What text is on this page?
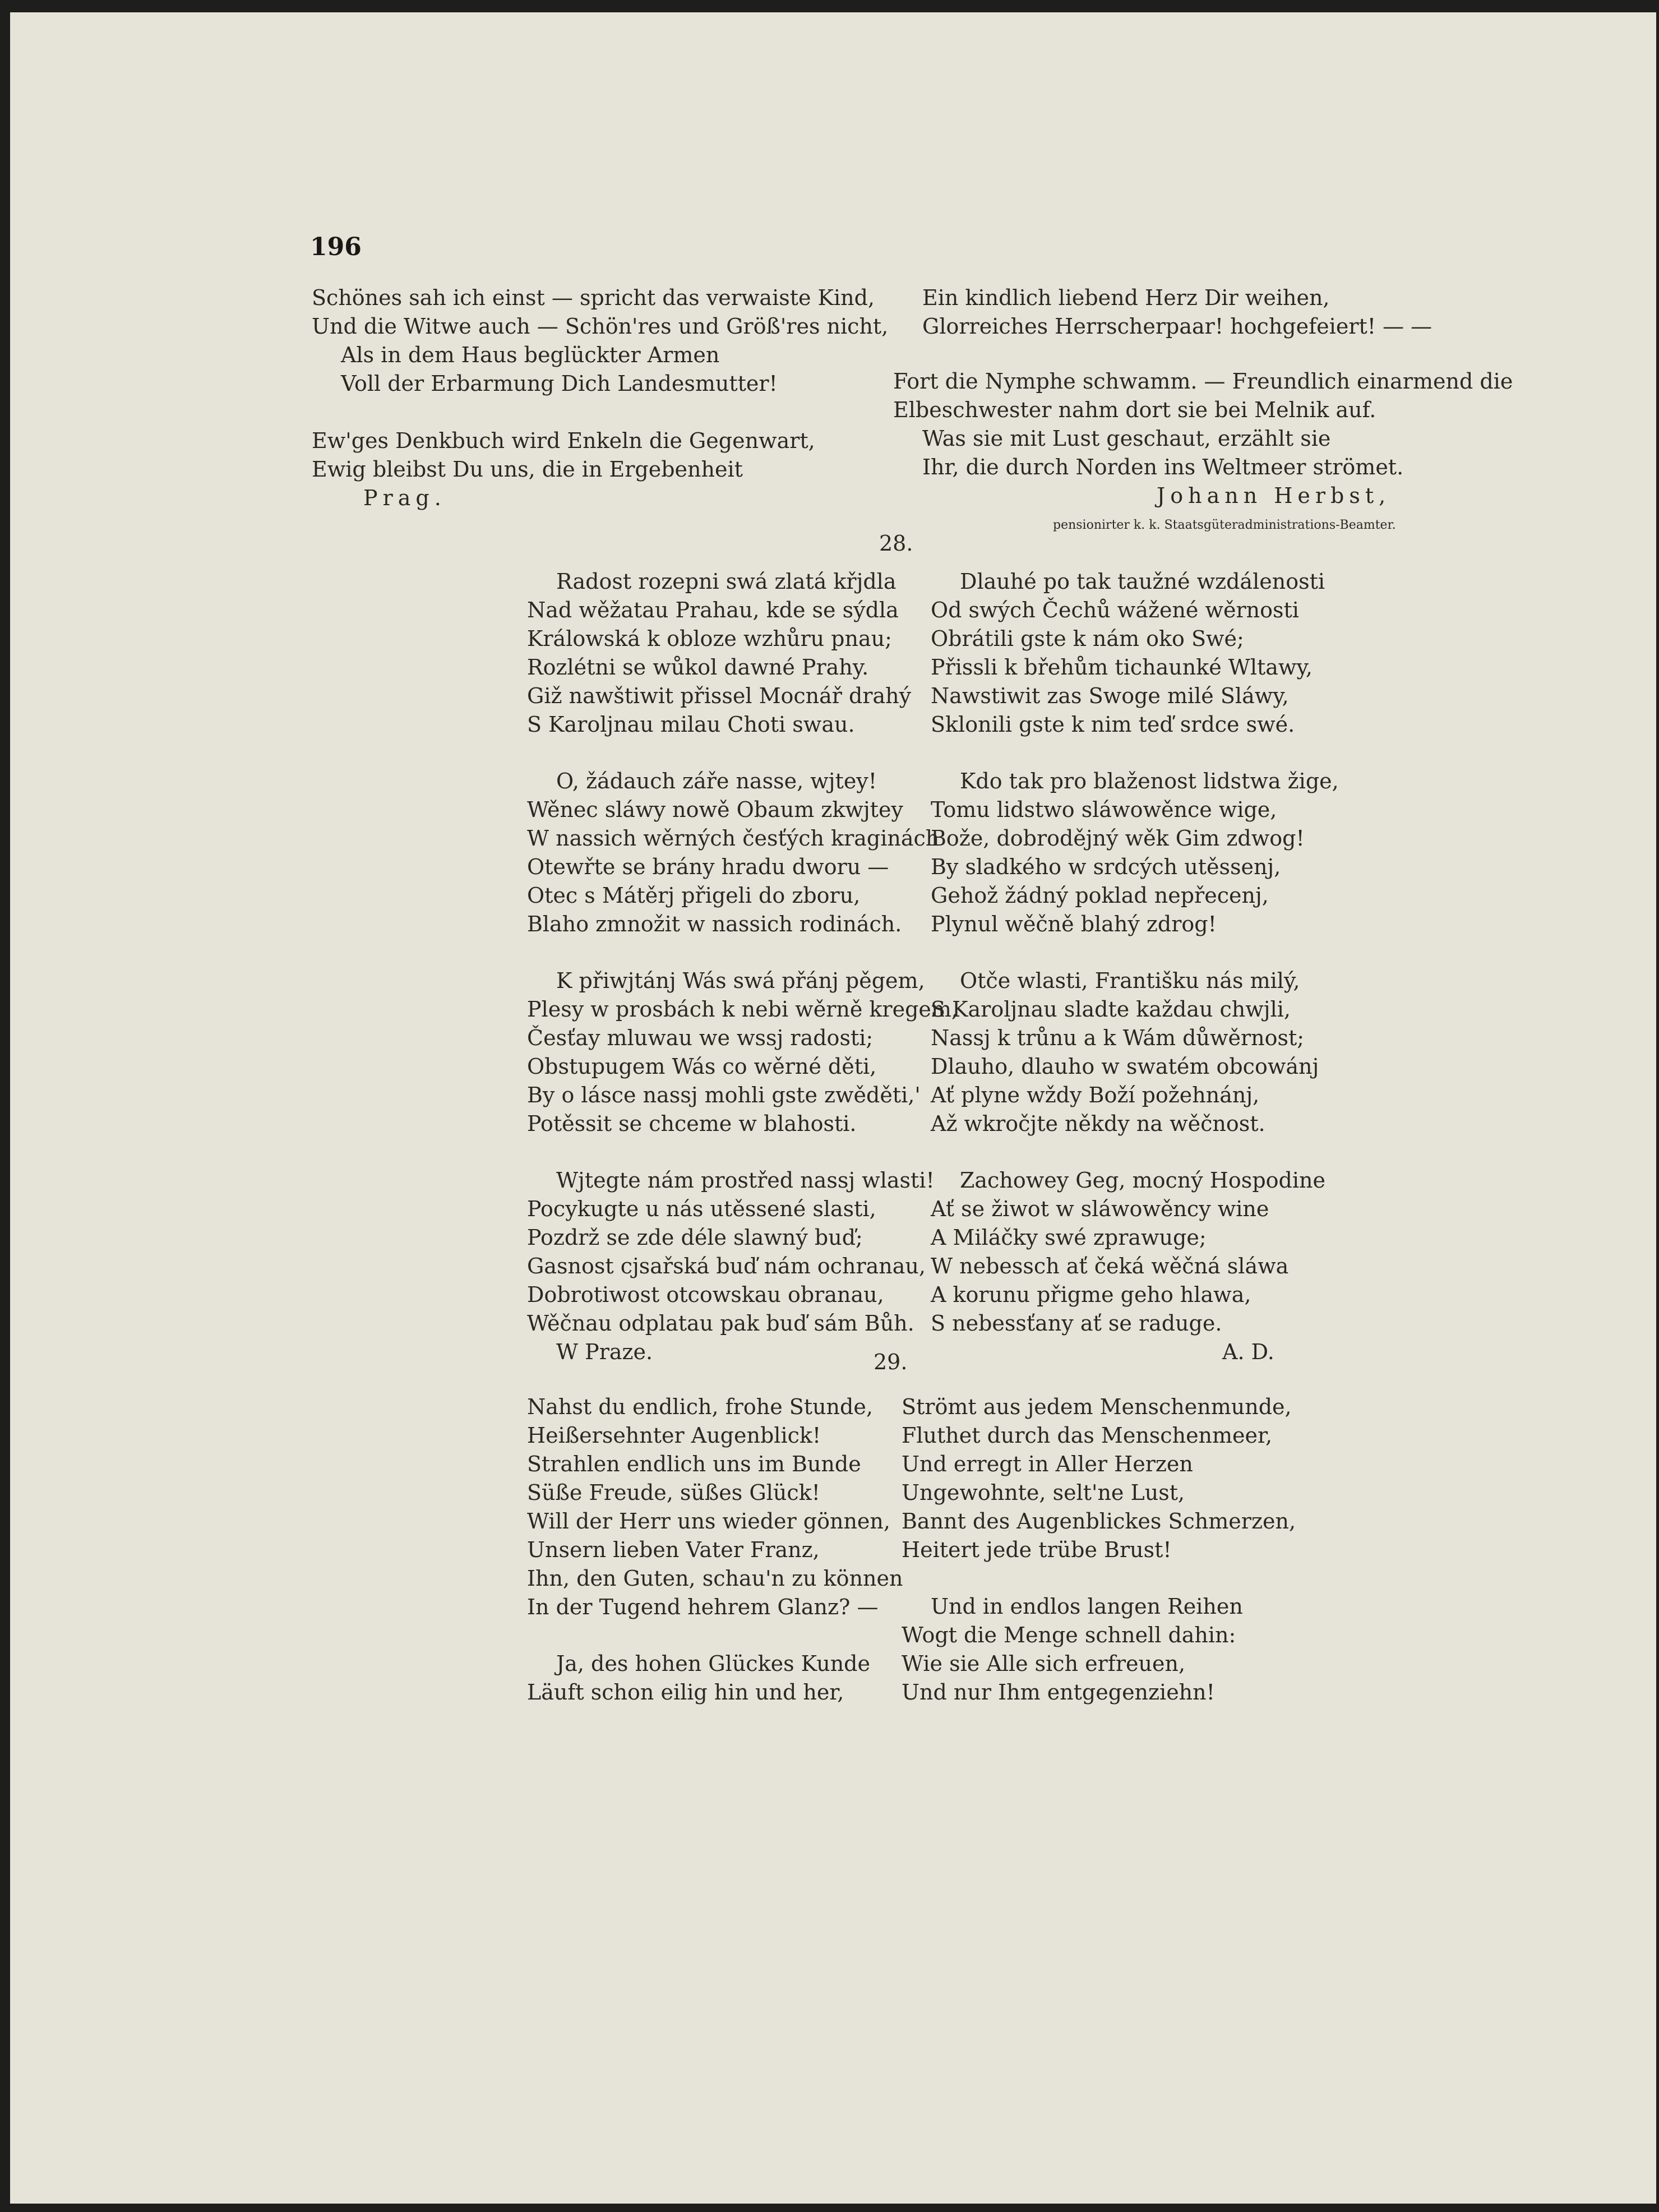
196
Schönes sah ich einst — spricht das verwaiste Kind,
Und die Witwe auch — Schön'res und Größ'res nicht,
Als in dem Haus beglückter Armen
Voll der Erbarmung Dich Landesmutter!
Ew'ges Denkbuch wird Enkeln die Gegenwart,
Ewig bleibst Du uns, die in Ergebenheit
Prag.
Ein kindlich liebend Herz Dir weihen,
Glorreiches Herrscherpaar! hochgefeiert! — —
Fort die Nymphe schwamm. — Freundlich einarmend die
Elbeschwester nahm dort sie bei Melnik auf.
Was sie mit Lust geschaut, erzählt sie
Ihr, die durch Norden ins Weltmeer strömet.
Johann Herbst,
pensionirter k. k. Staatsgüteradministrations-Beamter.
28.
Radost rozepni swá zlatá křjdla
Nad wěžatau Prahau, kde se sýdla
Králowská k obloze wzhůru pnau;
Rozlétni se wůkol dawné Prahy.
Giž nawštiwit přissel Mocnář drahý
S Karoljnau milau Choti swau.
O, žádauch záře nasse, wjtey!
Wěnec sláwy nowě Obaum zkwjtey
W nassich wěrných česťých kraginách
Otewřte se brány hradu dworu —
Otec s Mátěrj přigeli do zboru,
Blaho zmnožit w nassich rodinách.
K přiwjtánj Wás swá přánj pěgem,
Plesy w prosbách k nebi wěrně kregem,
Česťay mluwau we wssj radosti;
Obstupugem Wás co wěrné děti,
By o lásce nassj mohli gste zwěděti,'
Potěssit se chceme w blahosti.
Wjtegte nám prostřed nassj wlasti!
Pocykugte u nás utěssené slasti,
Pozdrž se zde déle slawný buď;
Gasnost cjsařská buď nám ochranau,
Dobrotiwost otcowskau obranau,
Wěčnau odplatau pak buď sám Bůh.
W Praze.
Dlauhé po tak taužné wzdálenosti
Od swých Čechů wážené wěrnosti
Obrátili gste k nám oko Swé;
Přissli k břehům tichaunké Wltawy,
Nawstiwit zas Swoge milé Sláwy,
Sklonili gste k nim teď srdce swé.
Kdo tak pro blaženost lidstwa žige,
Tomu lidstwo sláwowěnce wige,
Bože, dobrodějný wěk Gim zdwog!
By sladkého w srdcých utěssenj,
Gehož žádný poklad nepřecenj,
Plynul wěčně blahý zdrog!
Otče wlasti, Františku nás milý,
S Karoljnau sladte každau chwjli,
Nassj k trůnu a k Wám důwěrnost;
Dlauho, dlauho w swatém obcowánj
Ať plyne wždy Boží požehnánj,
Až wkročjte někdy na wěčnost.
Zachowey Geg, mocný Hospodine
Ať se žiwot w sláwowěncy wine
A Miláčky swé zprawuge;
W nebessch ať čeká wěčná sláwa
A korunu přigme geho hlawa,
S nebessťany ať se raduge.
A. D.
29.
Nahst du endlich, frohe Stunde,
Heißersehnter Augenblick!
Strahlen endlich uns im Bunde
Süße Freude, süßes Glück!
Will der Herr uns wieder gönnen,
Unsern lieben Vater Franz,
Ihn, den Guten, schau'n zu können
In der Tugend hehrem Glanz? —
Ja, des hohen Glückes Kunde
Läuft schon eilig hin und her,
Strömt aus jedem Menschenmunde,
Fluthet durch das Menschenmeer,
Und erregt in Aller Herzen
Ungewohnte, selt'ne Lust,
Bannt des Augenblickes Schmerzen,
Heitert jede trübe Brust!
Und in endlos langen Reihen
Wogt die Menge schnell dahin:
Wie sie Alle sich erfreuen,
Und nur Ihm entgegenziehn!
